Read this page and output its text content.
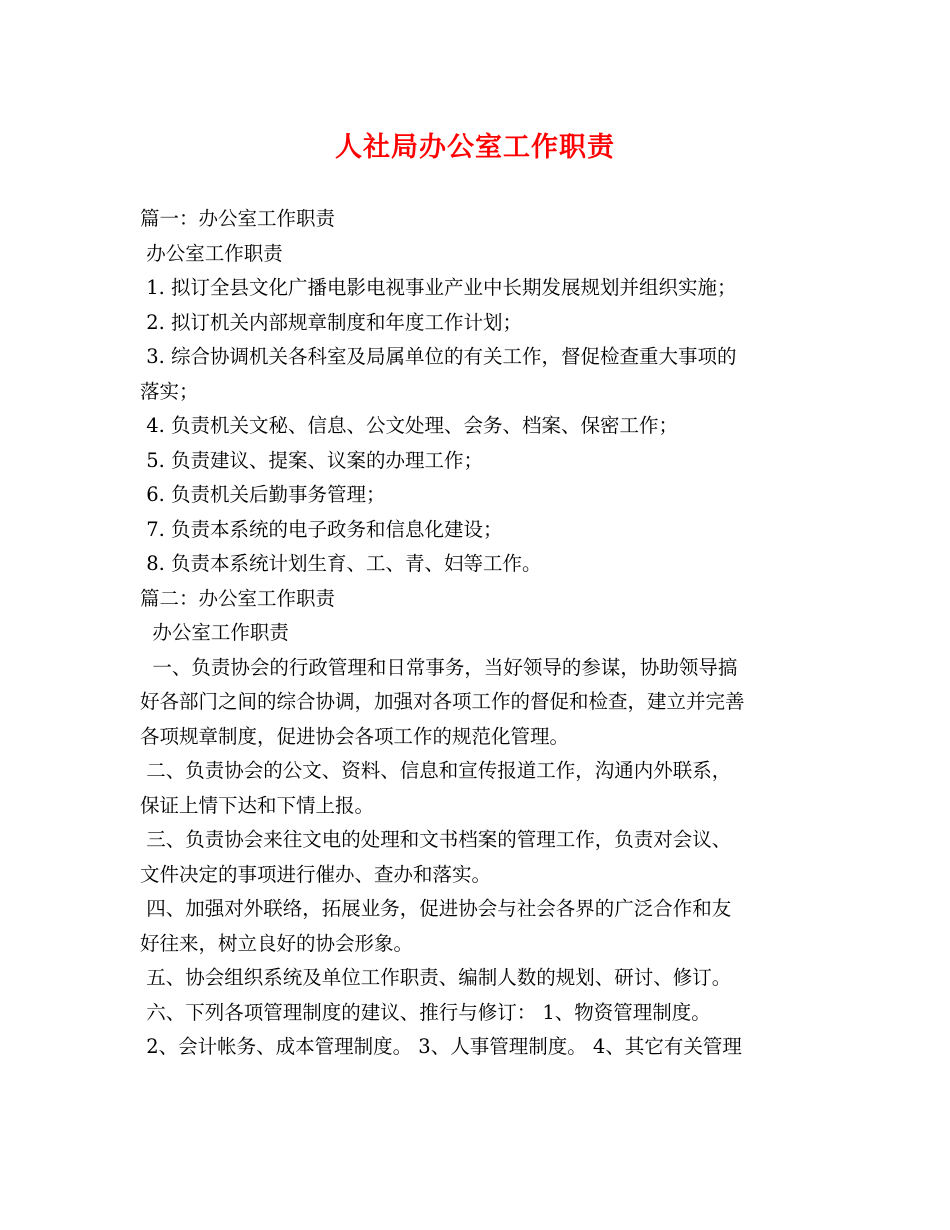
人社局办公室工作职责
篇一：办公室工作职责
办公室工作职责
1. 拟订全县文化广播电影电视事业产业中长期发展规划并组织实施；
2. 拟订机关内部规章制度和年度工作计划；
3. 综合协调机关各科室及局属单位的有关工作，督促检查重大事项的
落实；
4. 负责机关文秘、信息、公文处理、会务、档案、保密工作；
5. 负责建议、提案、议案的办理工作；
6. 负责机关后勤事务管理；
7. 负责本系统的电子政务和信息化建设；
8. 负责本系统计划生育、工、青、妇等工作。
篇二：办公室工作职责
办公室工作职责
一、负责协会的行政管理和日常事务，当好领导的参谋，协助领导搞
好各部门之间的综合协调，加强对各项工作的督促和检查，建立并完善
各项规章制度，促进协会各项工作的规范化管理。
二、负责协会的公文、资料、信息和宣传报道工作，沟通内外联系，
保证上情下达和下情上报。
三、负责协会来往文电的处理和文书档案的管理工作，负责对会议、
文件决定的事项进行催办、查办和落实。
四、加强对外联络，拓展业务，促进协会与社会各界的广泛合作和友
好往来，树立良好的协会形象。
五、协会组织系统及单位工作职责、编制人数的规划、研讨、修订。
六、下列各项管理制度的建议、推行与修订： 1、物资管理制度。
2、会计帐务、成本管理制度。 3、人事管理制度。 4、其它有关管理
